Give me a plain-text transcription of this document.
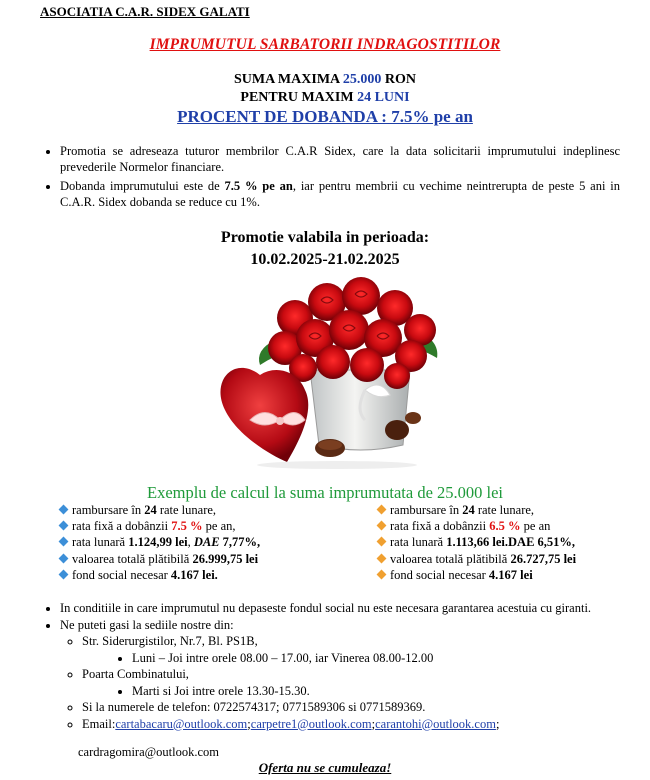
ASOCIATIA C.A.R. SIDEX GALATI
IMPRUMUTUL SARBATORII INDRAGOSTITILOR
SUMA MAXIMA 25.000 RON
PENTRU MAXIM 24 LUNI
PROCENT DE DOBANDA : 7.5% pe an
• Promotia se adreseaza tuturor membrilor C.A.R Sidex, care la data solicitarii imprumutului indeplinesc prevederile Normelor financiare.
• Dobanda imprumutului este de 7.5 % pe an, iar pentru membrii cu vechime neintrerupta de peste 5 ani in C.A.R. Sidex dobanda se reduce cu 1%.
Promotie valabila in perioada:
10.02.2025-21.02.2025
Exemplu de calcul la suma imprumutata de 25.000 lei
rambursare în 24 rate lunare,
rata fixă a dobânzii 7.5 % pe an,
rata lunară 1.124,99 lei, DAE 7,77%,
valoarea totală plătibilă 26.999,75 lei
fond social necesar 4.167 lei.
rambursare în 24 rate lunare,
rata fixă a dobânzii 6.5 % pe an
rata lunară 1.113,66 lei.DAE 6,51%,
valoarea totală plătibilă 26.727,75 lei
fond social necesar 4.167 lei
• In conditiile in care imprumutul nu depaseste fondul social nu este necesara garantarea acestuia cu giranti.
• Ne puteti gasi la sediile nostre din:
◦ Str. Siderurgistilor, Nr.7, Bl. PS1B,
• Luni – Joi intre orele 08.00 – 17.00, iar Vinerea 08.00-12.00
◦ Poarta Combinatului,
• Marti si Joi intre orele 13.30-15.30.
◦ Si la numerele de telefon: 0722574317; 0771589306 si 0771589369.
◦ Email:cartabacaru@outlook.com;carpetre1@outlook.com;carantohi@outlook.com;
cardragomira@outlook.com
Oferta nu se cumuleaza!
